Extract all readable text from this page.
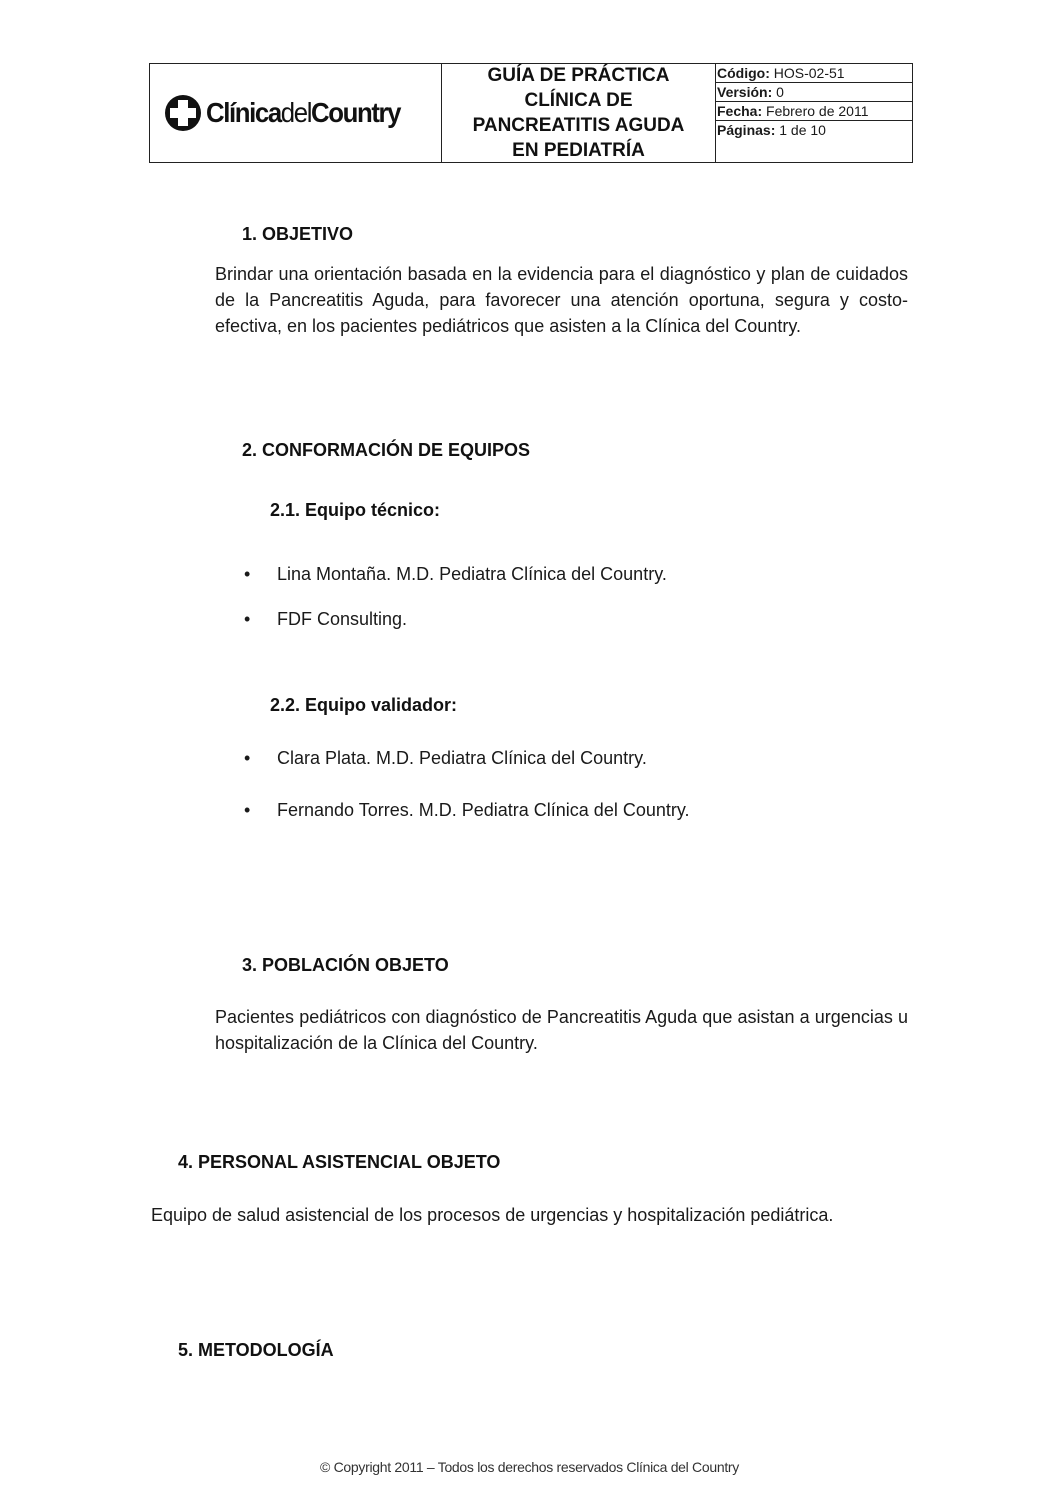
ClínicadelCountry
GUÍA DE PRÁCTICA
CLÍNICA DE
PANCREATITIS AGUDA
EN PEDIATRÍA
Código: HOS-02-51
Versión: 0
Fecha: Febrero de 2011
Páginas: 1 de 10
1. OBJETIVO

Brindar una orientación basada en la evidencia para el diagnóstico y plan de cuidados de la Pancreatitis Aguda, para favorecer una atención oportuna, segura y costo-efectiva, en los pacientes pediátricos que asisten a la Clínica del Country.

2. CONFORMACIÓN DE EQUIPOS
2.1. Equipo técnico:
• Lina Montaña. M.D. Pediatra Clínica del Country.
• FDF Consulting.
2.2. Equipo validador:
• Clara Plata. M.D. Pediatra Clínica del Country.
• Fernando Torres. M.D. Pediatra Clínica del Country.
3. POBLACIÓN OBJETO

Pacientes pediátricos con diagnóstico de Pancreatitis Aguda que asistan a urgencias u hospitalización de la Clínica del Country.

4. PERSONAL ASISTENCIAL OBJETO

Equipo de salud asistencial de los procesos de urgencias y hospitalización pediátrica.

5. METODOLOGÍA
© Copyright 2011 – Todos los derechos reservados Clínica del Country
